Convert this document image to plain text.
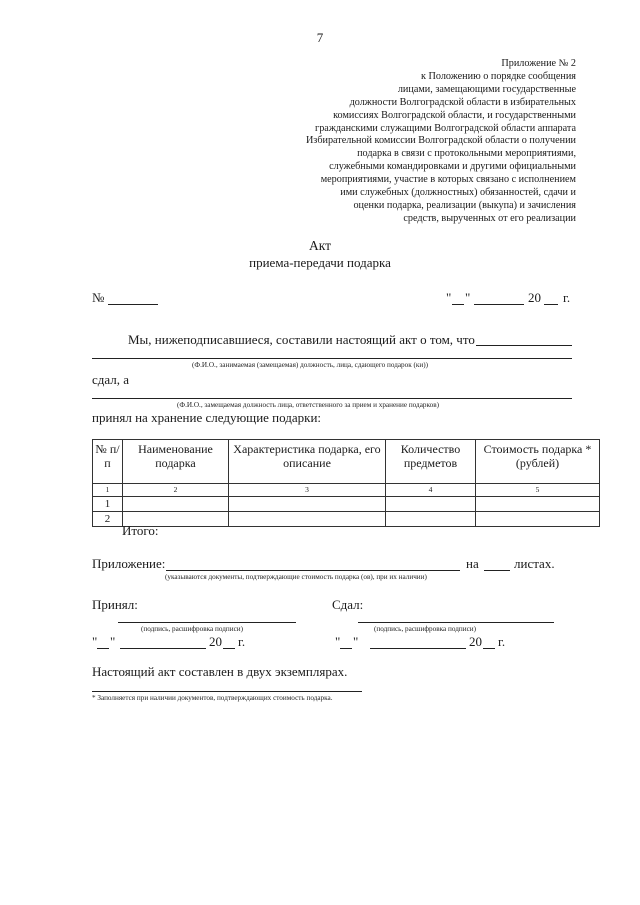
7
Приложение № 2
к Положению о порядке сообщения
лицами, замещающими государственные
должности Волгоградской области в избирательных
комиссиях Волгоградской области, и государственными
гражданскими служащими Волгоградской области аппарата
Избирательной комиссии Волгоградской области о получении
подарка в связи с протокольными мероприятиями,
служебными командировками и другими официальными
мероприятиями, участие в которых связано с исполнением
ими служебных (должностных) обязанностей, сдачи и
оценки подарка, реализации (выкупа) и зачисления
средств, вырученных от его реализации
Акт
приема-передачи подарка
№	" "	20 г.
Мы, нижеподписавшиеся, составили настоящий акт о том, что
(Ф.И.О., занимаемая (замещаемая) должность, лица, сдающего подарок (ки))
сдал, а
(Ф.И.О., замещаемая должность лица, ответственного за прием и хранение подарков)
принял на хранение следующие подарки:
№ п/п	Наименование подарка	Характеристика подарка, его описание	Количество предметов	Стоимость подарка * (рублей)
1	2	3	4	5
1				
2				
Итого:
Приложение:	на	листах.
(указываются документы, подтверждающие стоимость подарка (ов), при их наличии)
Принял:	Сдал:
(подпись, расшифровка подписи)	(подпись, расшифровка подписи)
" "	20 г.	" "	20 г.
Настоящий акт составлен в двух экземплярах.
* Заполняется при наличии документов, подтверждающих стоимость подарка.
